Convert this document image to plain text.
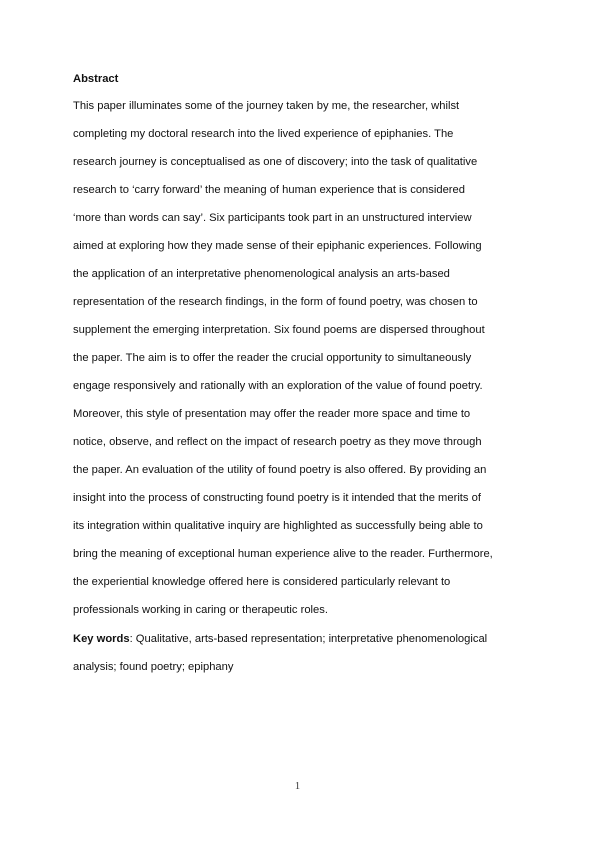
Abstract

This paper illuminates some of the journey taken by me, the researcher, whilst

completing my doctoral research into the lived experience of epiphanies. The

research journey is conceptualised as one of discovery; into the task of qualitative

research to ‘carry forward’ the meaning of human experience that is considered

‘more than words can say’. Six participants took part in an unstructured interview

aimed at exploring how they made sense of their epiphanic experiences. Following

the application of an interpretative phenomenological analysis an arts-based

representation of the research findings, in the form of found poetry, was chosen to

supplement the emerging interpretation. Six found poems are dispersed throughout

the paper. The aim is to offer the reader the crucial opportunity to simultaneously

engage responsively and rationally with an exploration of the value of found poetry.

Moreover, this style of presentation may offer the reader more space and time to

notice, observe, and reflect on the impact of research poetry as they move through

the paper. An evaluation of the utility of found poetry is also offered. By providing an

insight into the process of constructing found poetry is it intended that the merits of

its integration within qualitative inquiry are highlighted as successfully being able to

bring the meaning of exceptional human experience alive to the reader. Furthermore,

the experiential knowledge offered here is considered particularly relevant to

professionals working in caring or therapeutic roles.

Key words: Qualitative, arts-based representation; interpretative phenomenological

analysis; found poetry; epiphany

1
